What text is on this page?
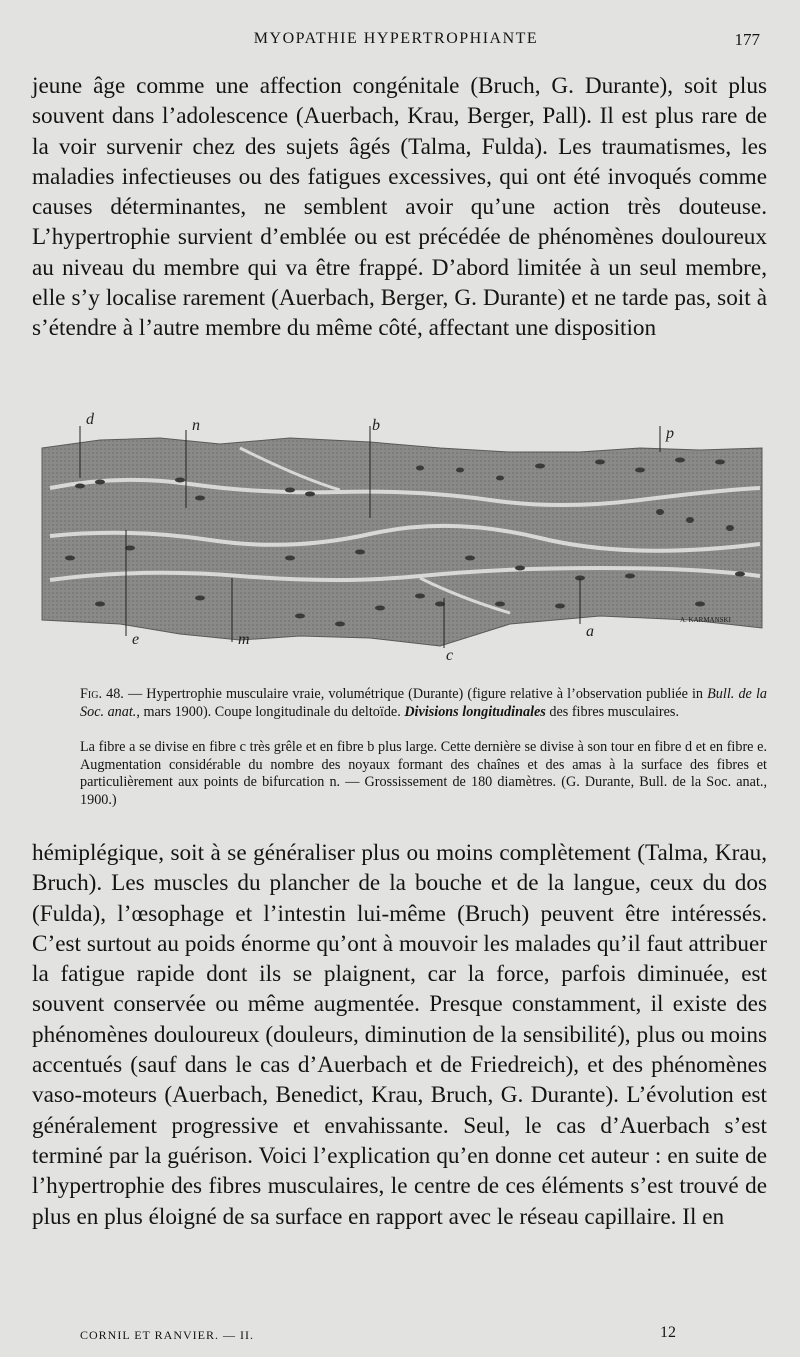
MYOPATHIE HYPERTROPHIANTE	177

jeune âge comme une affection congénitale (Bruch, G. Durante), soit plus souvent dans l’adolescence (Auerbach, Krau, Berger, Pall). Il est plus rare de la voir survenir chez des sujets âgés (Talma, Fulda). Les traumatismes, les maladies infectieuses ou des fatigues excessives, qui ont été invoqués comme causes déterminantes, ne semblent avoir qu’une action très douteuse. L’hypertrophie survient d’emblée ou est précédée de phénomènes douloureux au niveau du membre qui va être frappé. D’abord limitée à un seul membre, elle s’y localise rarement (Auerbach, Berger, G. Durante) et ne tarde pas, soit à s’étendre à l’autre membre du même côté, affectant une disposition

d	n	b	p
e	m
c
a
A. KARMANSKI

Fig. 48. — Hypertrophie musculaire vraie, volumétrique (Durante) (figure relative à l’observation publiée in Bull. de la Soc. anat., mars 1900). Coupe longitudinale du deltoïde. Divisions longitudinales des fibres musculaires.

La fibre a se divise en fibre c très grêle et en fibre b plus large. Cette dernière se divise à son tour en fibre d et en fibre e. Augmentation considérable du nombre des noyaux formant des chaînes et des amas à la surface des fibres et particulièrement aux points de bifurcation n. — Grossissement de 180 diamètres. (G. Durante, Bull. de la Soc. anat., 1900.)

hémiplégique, soit à se généraliser plus ou moins complètement (Talma, Krau, Bruch). Les muscles du plancher de la bouche et de la langue, ceux du dos (Fulda), l’œsophage et l’intestin lui-même (Bruch) peuvent être intéressés. C’est surtout au poids énorme qu’ont à mouvoir les malades qu’il faut attribuer la fatigue rapide dont ils se plaignent, car la force, parfois diminuée, est souvent conservée ou même augmentée. Presque constamment, il existe des phénomènes douloureux (douleurs, diminution de la sensibilité), plus ou moins accentués (sauf dans le cas d’Auerbach et de Friedreich), et des phénomènes vaso-moteurs (Auerbach, Benedict, Krau, Bruch, G. Durante). L’évolution est généralement progressive et envahissante. Seul, le cas d’Auerbach s’est terminé par la guérison. Voici l’explication qu’en donne cet auteur : en suite de l’hypertrophie des fibres musculaires, le centre de ces éléments s’est trouvé de plus en plus éloigné de sa surface en rapport avec le réseau capillaire. Il en

CORNIL ET RANVIER. — II.	12
